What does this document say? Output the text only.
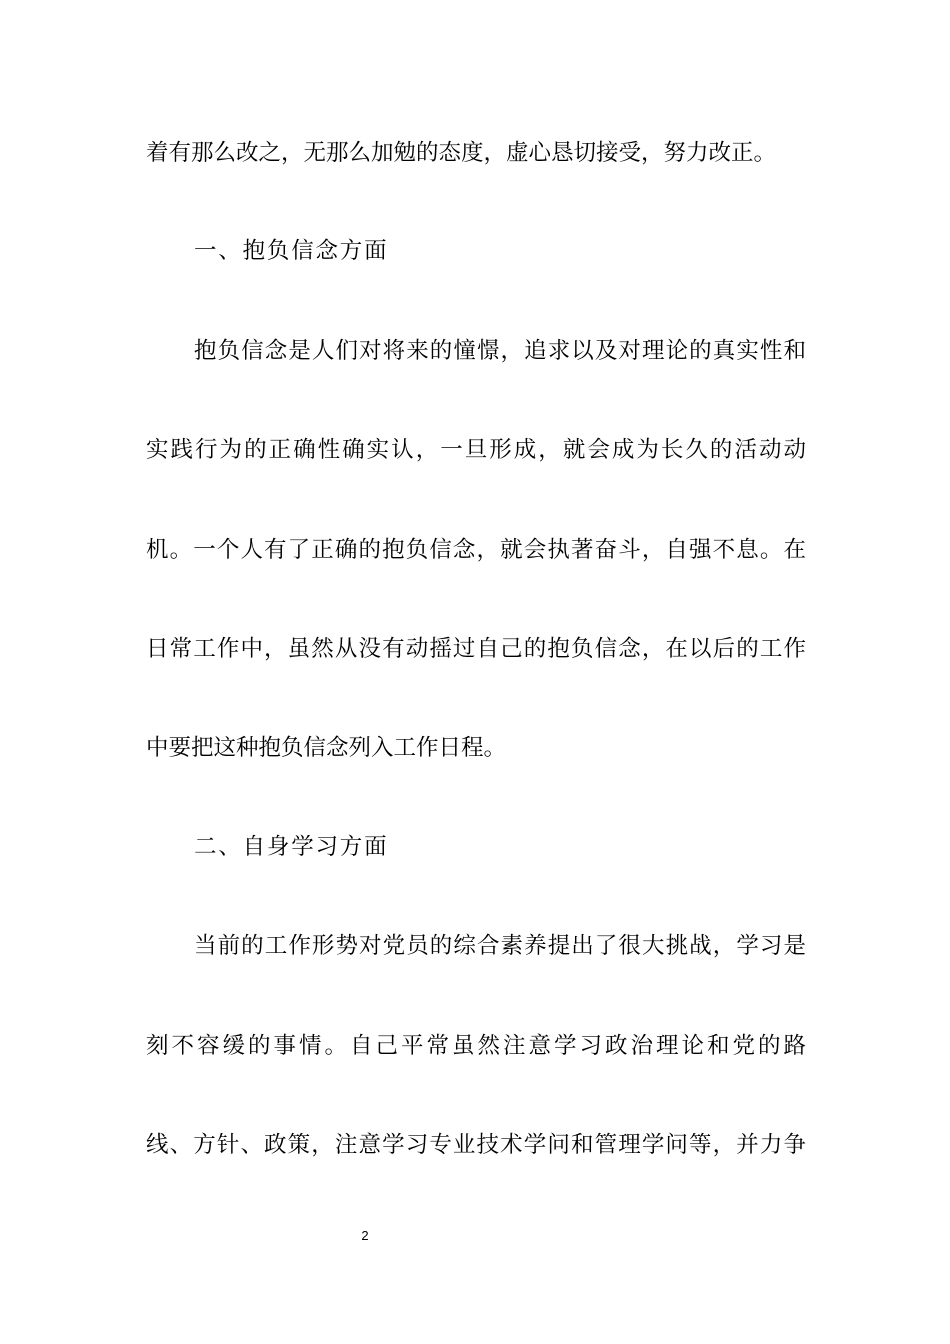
着有那么改之，无那么加勉的态度，虚心恳切接受，努力改正。
一、抱负信念方面
抱负信念是人们对将来的憧憬，追求以及对理论的真实性和
实践行为的正确性确实认，一旦形成，就会成为长久的活动动
机。一个人有了正确的抱负信念，就会执著奋斗，自强不息。在
日常工作中，虽然从没有动摇过自己的抱负信念，在以后的工作
中要把这种抱负信念列入工作日程。
二、自身学习方面
当前的工作形势对党员的综合素养提出了很大挑战，学习是
刻不容缓的事情。自己平常虽然注意学习政治理论和党的路
线、方针、政策，注意学习专业技术学问和管理学问等，并力争
2
